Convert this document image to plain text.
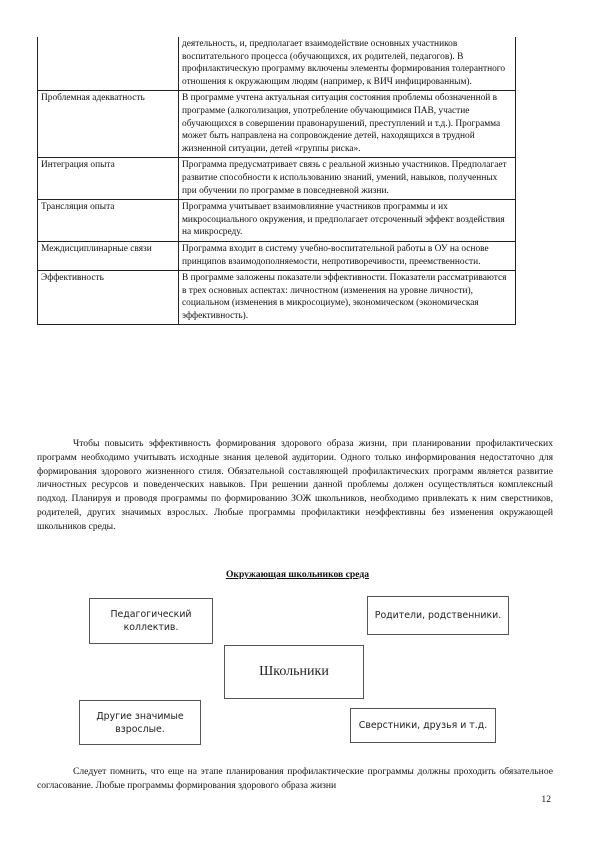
	деятельность, и, предполагает взаимодействие основных участников воспитательного процесса (обучающихся, их родителей, педагогов). В профилактическую программу включены элементы формирования толерантного отношения к окружающим людям (например, к ВИЧ инфицированным).
Проблемная адекватность	В программе учтена актуальная ситуация состояния проблемы обозначенной в программе (алкоголизация, употребление обучающимися ПАВ, участие обучающихся в совершении правонарушений, преступлений и т.д.). Программа может быть направлена на сопровождение детей, находящихся в трудной жизненной ситуации, детей «группы риска».
Интеграция опыта	Программа предусматривает связь с реальной жизнью участников. Предполагает развитие способности к использованию знаний, умений, навыков, полученных при обучении по программе в повседневной жизни.
Трансляция опыта	Программа учитывает взаимовлияние участников программы и их микросоциального окружения, и предполагает отсроченный эффект воздействия на микросреду.
Междисциплинарные связи	Программа входит в систему учебно-воспитательной работы в ОУ на основе принципов взаимодополняемости, непротиворечивости, преемственности.
Эффективность	В программе заложены показатели эффективности. Показатели рассматриваются в трех основных аспектах: личностном (изменения на уровне личности), социальном (изменения в микросоциуме), экономическом (экономическая эффективность).
Чтобы повысить эффективность формирования здорового образа жизни, при планировании профилактических программ необходимо учитывать исходные знания целевой аудитории. Одного только информирования недостаточно для формирования здорового жизненного стиля. Обязательной составляющей профилактических программ является развитие личностных ресурсов и поведенческих навыков. При решении данной проблемы должен осуществляться комплексный подход. Планируя и проводя программы по формированию ЗОЖ школьников, необходимо привлекать к ним сверстников, родителей, других значимых взрослых. Любые программы профилактики неэффективны без изменения окружающей школьников среды.
Окружающая школьников среда
Педагогический коллектив.
Родители, родственники.
Школьники
Другие значимые взрослые.	Сверстники, друзья и т.д.
Следует помнить, что еще на этапе планирования профилактические программы должны проходить обязательное согласование. Любые программы формирования здорового образа жизни
12
